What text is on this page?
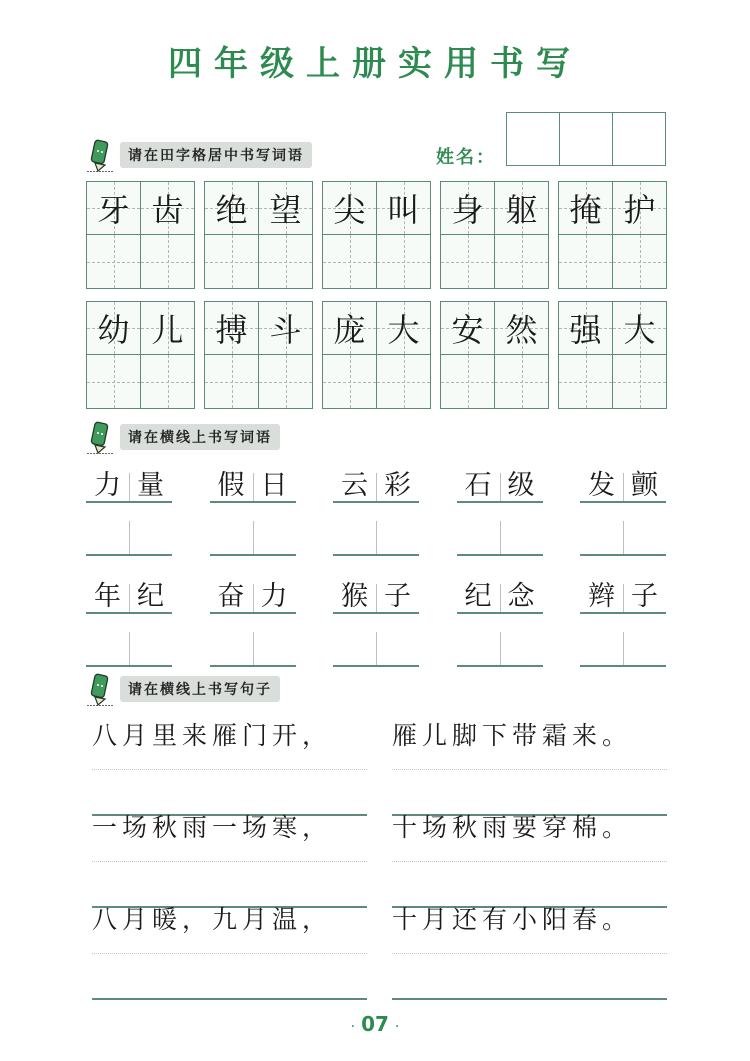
四年级上册实用书写
请在田字格居中书写词语	姓名：
牙 齿 绝 望 尖 叫 身 躯 掩 护
幼 儿 搏 斗 庞 大 安 然 强 大
请在横线上书写词语
力 量 假 日 云 彩 石 级 发 颤
年 纪 奋 力 猴 子 纪 念 辫 子
请在横线上书写句子
八月里来雁门开，	雁儿脚下带霜来。
一场秋雨一场寒，	十场秋雨要穿棉。
八月暖，九月温，	十月还有小阳春。
· 07 ·
